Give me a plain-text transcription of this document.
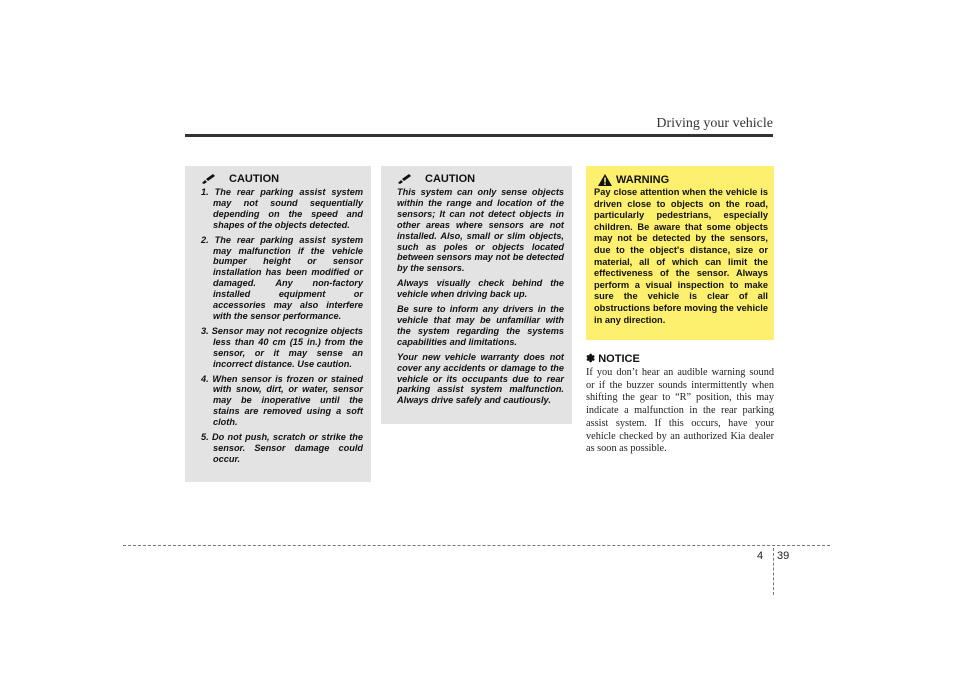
Driving your vehicle
CAUTION
1. The rear parking assist system may not sound sequentially depending on the speed and shapes of the objects detected.
2. The rear parking assist system may malfunction if the vehicle bumper height or sensor installation has been modified or damaged. Any non-factory installed equipment or accessories may also interfere with the sensor performance.
3. Sensor may not recognize objects less than 40 cm (15 in.) from the sensor, or it may sense an incorrect distance. Use caution.
4. When sensor is frozen or stained with snow, dirt, or water, sensor may be inoperative until the stains are removed using a soft cloth.
5. Do not push, scratch or strike the sensor. Sensor damage could occur.
CAUTION

This system can only sense objects within the range and location of the sensors; It can not detect objects in other areas where sensors are not installed. Also, small or slim objects, such as poles or objects located between sensors may not be detected by the sensors.

Always visually check behind the vehicle when driving back up.

Be sure to inform any drivers in the vehicle that may be unfamiliar with the system regarding the systems capabilities and limitations.

Your new vehicle warranty does not cover any accidents or damage to the vehicle or its occupants due to rear parking assist system malfunction. Always drive safely and cautiously.

WARNING
Pay close attention when the vehicle is driven close to objects on the road, particularly pedestrians, especially children. Be aware that some objects may not be detected by the sensors, due to the object's distance, size or material, all of which can limit the effectiveness of the sensor. Always perform a visual inspection to make sure the vehicle is clear of all obstructions before moving the vehicle in any direction.
✽ NOTICE
If you don’t hear an audible warning sound or if the buzzer sounds intermittently when shifting the gear to “R” position, this may indicate a malfunction in the rear parking assist system. If this occurs, have your vehicle checked by an authorized Kia dealer as soon as possible.
4 39
